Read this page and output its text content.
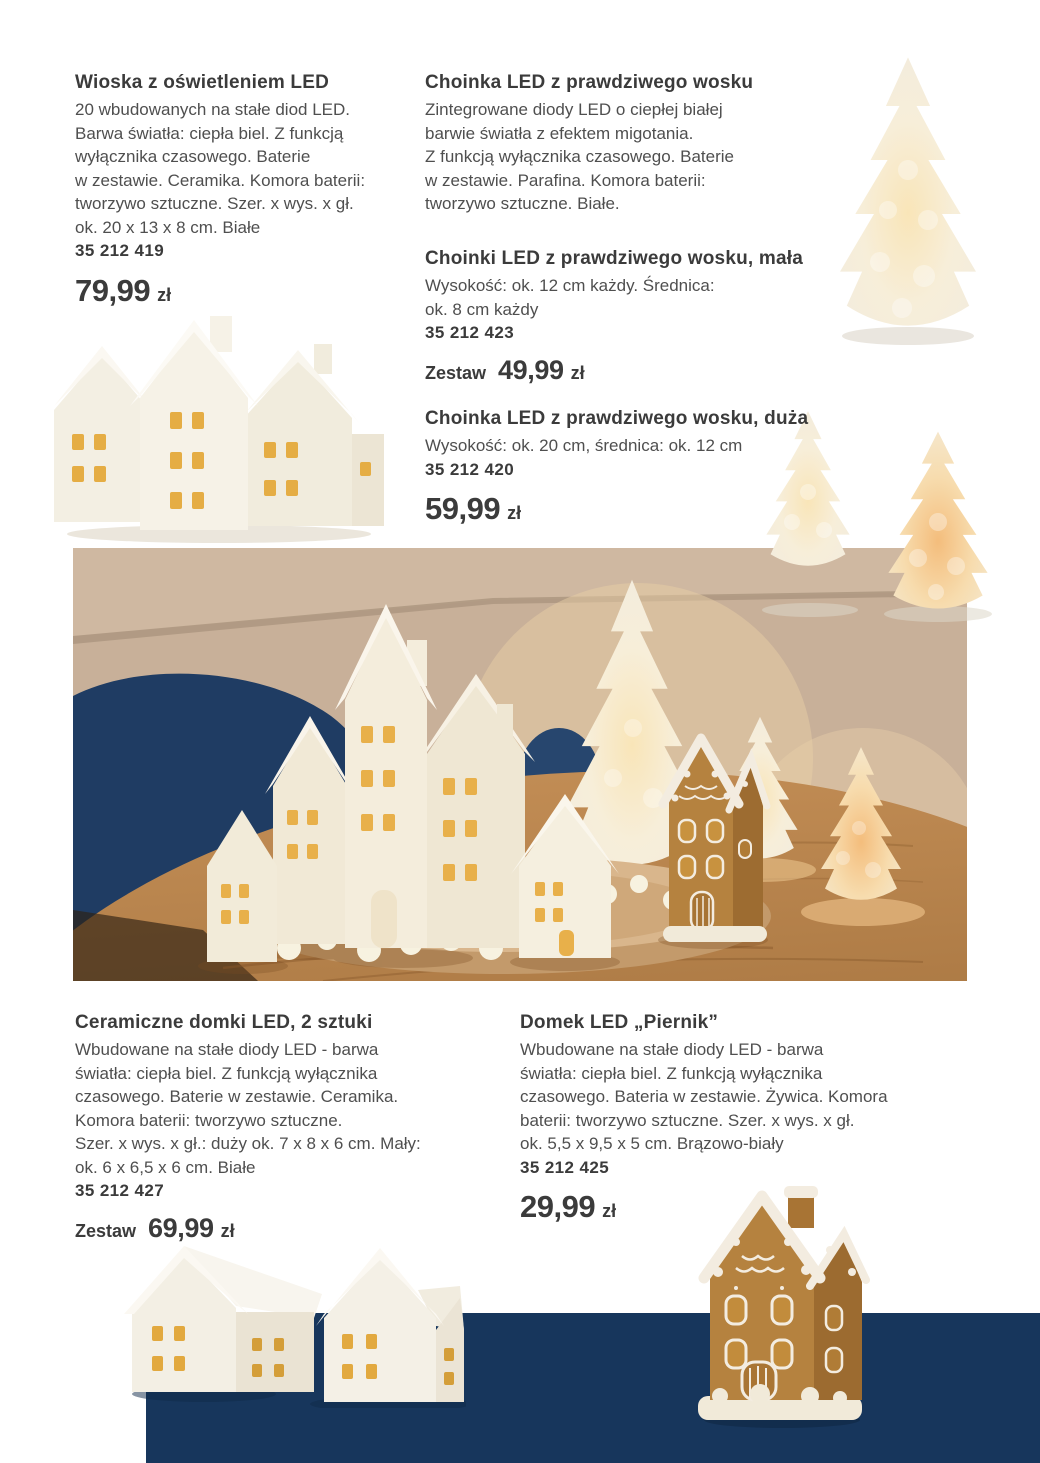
Wioska z oświetleniem LED
20 wbudowanych na stałe diod LED.
Barwa światła: ciepła biel. Z funkcją
wyłącznika czasowego. Baterie
w zestawie. Ceramika. Komora baterii:
tworzywo sztuczne. Szer. x wys. x gł.
ok. 20 x 13 x 8 cm. Białe
35 212 419
79,99 zł
Choinka LED z prawdziwego wosku
Zintegrowane diody LED o ciepłej białej
barwie światła z efektem migotania.
Z funkcją wyłącznika czasowego. Baterie
w zestawie. Parafina. Komora baterii:
tworzywo sztuczne. Białe.
Choinki LED z prawdziwego wosku, mała
Wysokość: ok. 12 cm każdy. Średnica:
ok. 8 cm każdy
35 212 423
Zestaw 49,99 zł
Choinka LED z prawdziwego wosku, duża
Wysokość: ok. 20 cm, średnica: ok. 12 cm
35 212 420
59,99 zł
Ceramiczne domki LED, 2 sztuki
Wbudowane na stałe diody LED - barwa
światła: ciepła biel. Z funkcją wyłącznika
czasowego. Baterie w zestawie. Ceramika.
Komora baterii: tworzywo sztuczne.
Szer. x wys. x gł.: duży ok. 7 x 8 x 6 cm. Mały:
ok. 6 x 6,5 x 6 cm. Białe
35 212 427
Zestaw 69,99 zł
Domek LED „Piernik”
Wbudowane na stałe diody LED - barwa
światła: ciepła biel. Z funkcją wyłącznika
czasowego. Bateria w zestawie. Żywica. Komora
baterii: tworzywo sztuczne. Szer. x wys. x gł.
ok. 5,5 x 9,5 x 5 cm. Brązowo-biały
35 212 425
29,99 zł
